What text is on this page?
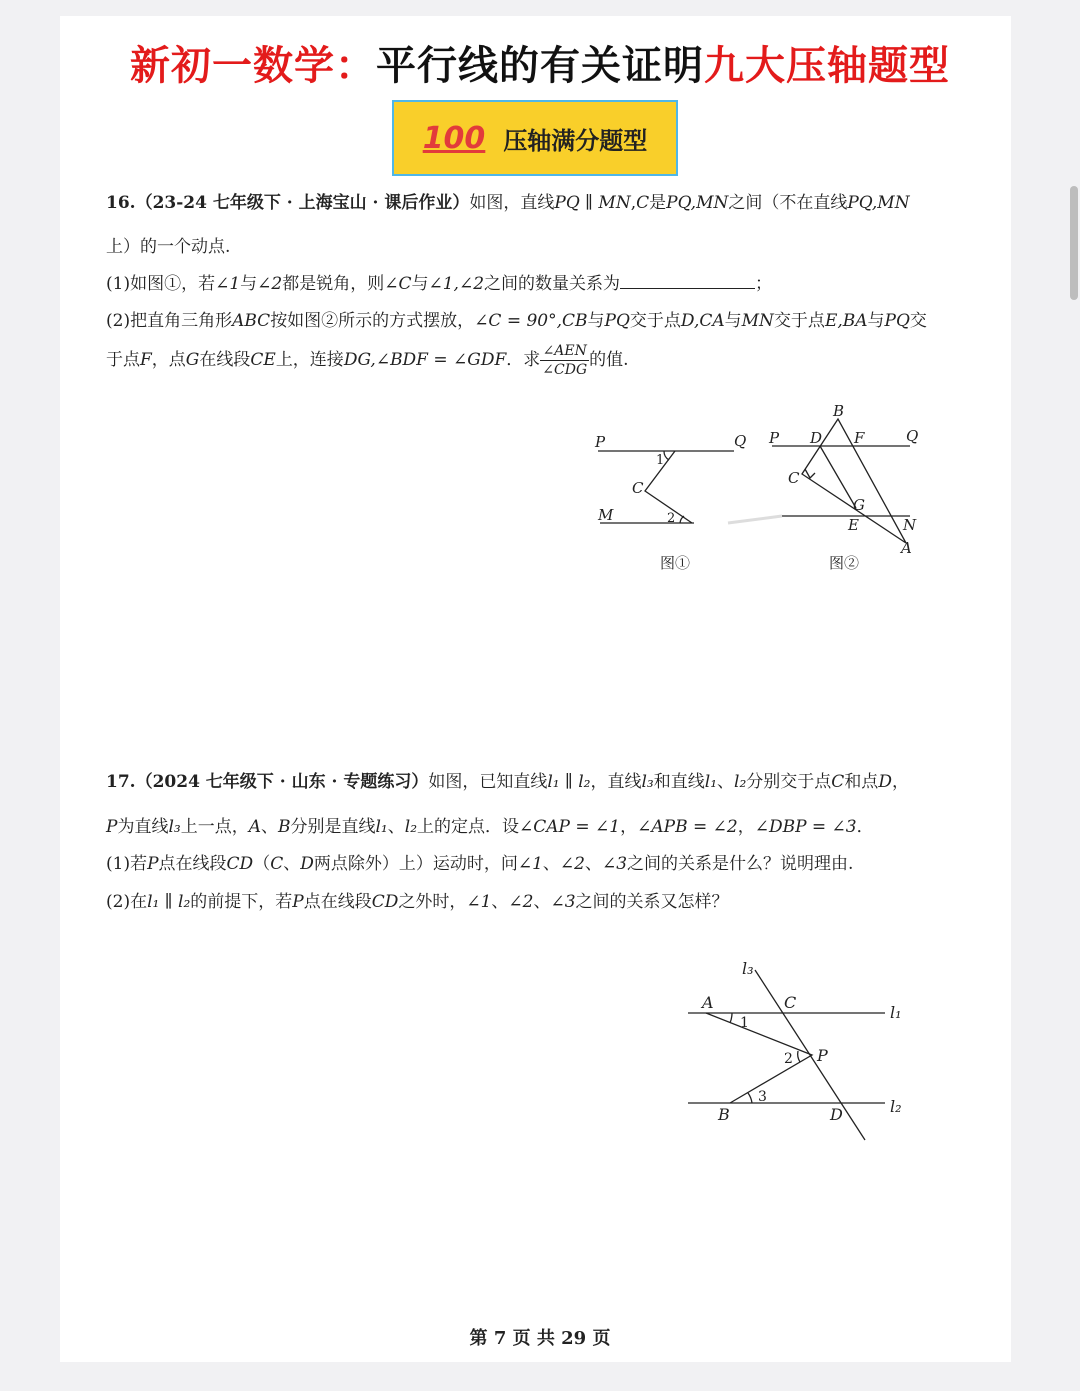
新初一数学：平行线的有关证明九大压轴题型
100 压轴满分题型
16.（23-24 七年级下 · 上海宝山 · 课后作业）如图，直线PQ ∥ MN,C是PQ,MN之间（不在直线PQ,MN
上）的一个动点.
(1)如图①，若∠1与∠2都是锐角，则∠C与∠1,∠2之间的数量关系为	；
(2)把直角三角形ABC按如图②所示的方式摆放，∠C = 90°,CB与PQ交于点D,CA与MN交于点E,BA与PQ交
于点F，点G在线段CE上，连接DG,∠BDF = ∠GDF．求 $\frac{\text{∠AEN}}{\text{∠CDG}}$ 的值.
P	Q
M
C
1
2
图①
B
P D F	Q
C
G
E	N
A
图②
17.（2024 七年级下 · 山东 · 专题练习）如图，已知直线l₁ ∥ l₂，直线l₃和直线l₁、l₂分别交于点C和点D，
P为直线l₃上一点，A、B分别是直线l₁、l₂上的定点．设∠CAP = ∠1，∠APB = ∠2，∠DBP = ∠3．
(1)若P点在线段CD（C、D两点除外）上）运动时，问∠1、∠2、∠3之间的关系是什么？说明理由.
(2)在l₁ ∥ l₂的前提下，若P点在线段CD之外时，∠1、∠2、∠3之间的关系又怎样？
l₃
A	C
l₁
1
2 P
3
B	D	l₂
第 7 页 共 29 页
